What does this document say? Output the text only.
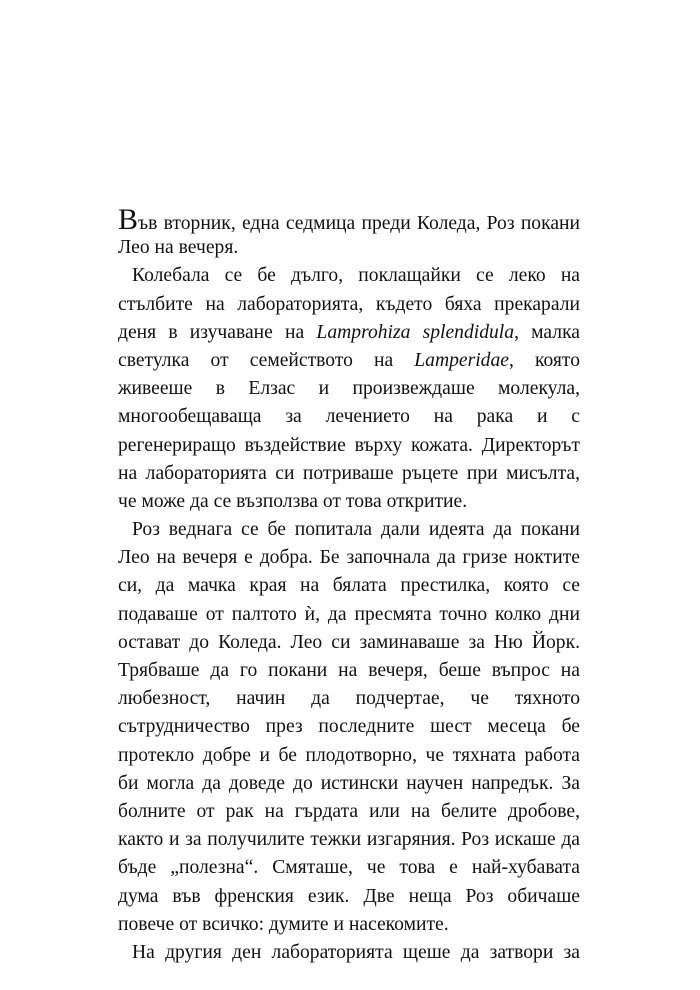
Във вторник, една седмица преди Коледа, Роз покани
Лео на вечеря.
Колебала се бе дълго, поклащайки се леко на
стълбите на лабораторията, където бяха прекарали
деня в изучаване на Lamprohiza splendidula, малка
светулка от семейството на Lamperidae, която
живееше в Елзас и произвеждаше молекула,
многообещаваща за лечението на рака и с
регенериращо въздействие върху кожата. Директорът
на лабораторията си потриваше ръцете при мисълта,
че може да се възползва от това откритие.
Роз веднага се бе попитала дали идеята да покани
Лео на вечеря е добра. Бе започнала да гризе ноктите
си, да мачка края на бялата престилка, която се
подаваше от палтото ѝ, да пресмята точно колко дни
остават до Коледа. Лео си заминаваше за Ню Йорк.
Трябваше да го покани на вечеря, беше въпрос на
любезност, начин да подчертае, че тяхното
сътрудничество през последните шест месеца бе
протекло добре и бе плодотворно, че тяхната работа
би могла да доведе до истински научен напредък. За
болните от рак на гърдата или на белите дробове,
както и за получилите тежки изгаряния. Роз искаше да
бъде „полезна“. Смяташе, че това е най-хубавата
дума във френския език. Две неща Роз обичаше
повече от всичко: думите и насекомите.
На другия ден лабораторията щеше да затвори за
